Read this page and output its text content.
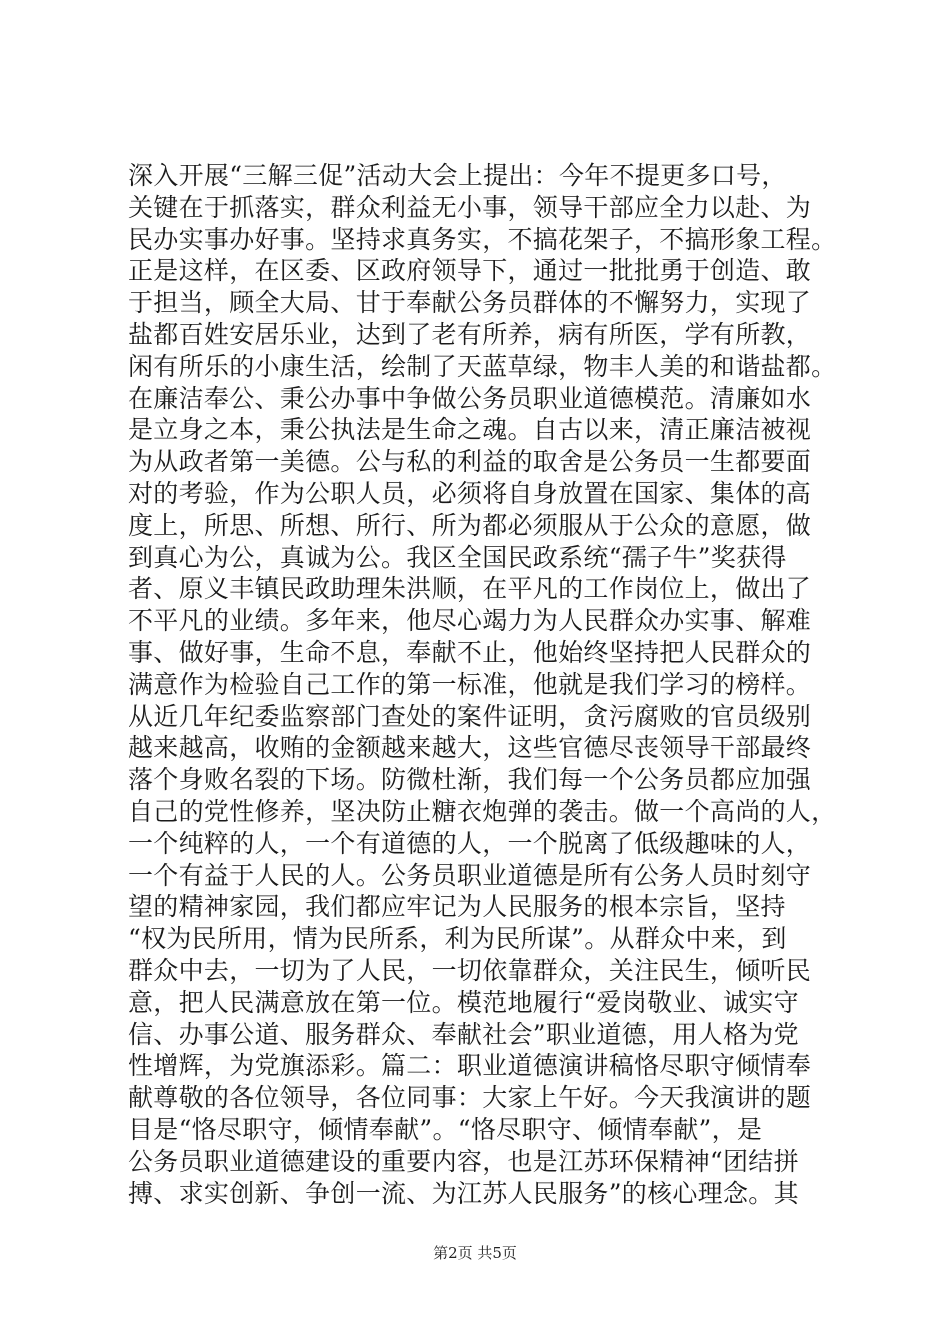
深入开展“三解三促”活动大会上提出：今年不提更多口号，
关键在于抓落实，群众利益无小事，领导干部应全力以赴、为
民办实事办好事。坚持求真务实，不搞花架子，不搞形象工程。
正是这样，在区委、区政府领导下，通过一批批勇于创造、敢
于担当，顾全大局、甘于奉献公务员群体的不懈努力，实现了
盐都百姓安居乐业，达到了老有所养，病有所医，学有所教，
闲有所乐的小康生活，绘制了天蓝草绿，物丰人美的和谐盐都。
在廉洁奉公、秉公办事中争做公务员职业道德模范。清廉如水
是立身之本，秉公执法是生命之魂。自古以来，清正廉洁被视
为从政者第一美德。公与私的利益的取舍是公务员一生都要面
对的考验，作为公职人员，必须将自身放置在国家、集体的高
度上，所思、所想、所行、所为都必须服从于公众的意愿，做
到真心为公，真诚为公。我区全国民政系统“孺子牛”奖获得
者、原义丰镇民政助理朱洪顺，在平凡的工作岗位上，做出了
不平凡的业绩。多年来，他尽心竭力为人民群众办实事、解难
事、做好事，生命不息，奉献不止，他始终坚持把人民群众的
满意作为检验自己工作的第一标准，他就是我们学习的榜样。
从近几年纪委监察部门查处的案件证明，贪污腐败的官员级别
越来越高，收贿的金额越来越大，这些官德尽丧领导干部最终
落个身败名裂的下场。防微杜渐，我们每一个公务员都应加强
自己的党性修养，坚决防止糖衣炮弹的袭击。做一个高尚的人，
一个纯粹的人，一个有道德的人，一个脱离了低级趣味的人，
一个有益于人民的人。公务员职业道德是所有公务人员时刻守
望的精神家园，我们都应牢记为人民服务的根本宗旨，坚持
“权为民所用，情为民所系，利为民所谋”。从群众中来，到
群众中去，一切为了人民，一切依靠群众，关注民生，倾听民
意，把人民满意放在第一位。模范地履行“爱岗敬业、诚实守
信、办事公道、服务群众、奉献社会”职业道德，用人格为党
性增辉，为党旗添彩。篇二：职业道德演讲稿恪尽职守倾情奉
献尊敬的各位领导，各位同事：大家上午好。今天我演讲的题
目是“恪尽职守，倾情奉献”。“恪尽职守、倾情奉献”，是
公务员职业道德建设的重要内容，也是江苏环保精神“团结拼
搏、求实创新、争创一流、为江苏人民服务”的核心理念。其
第2页 共5页
